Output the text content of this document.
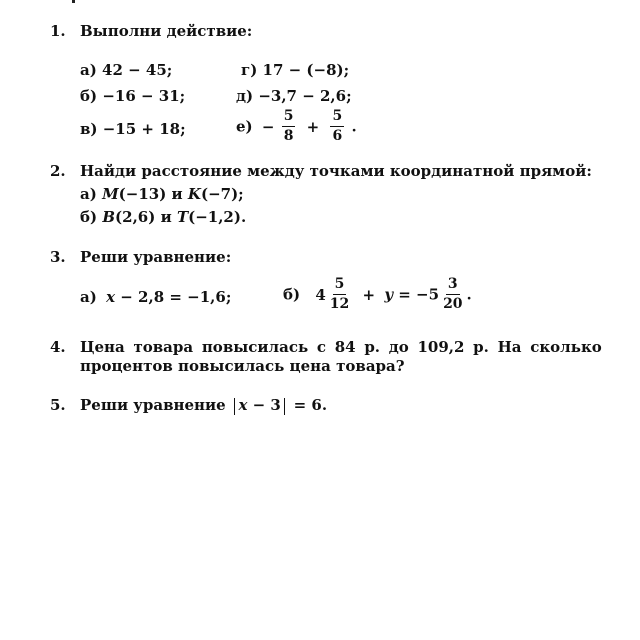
1. Выполни действие:
а) 42 − 45;	г) 17 − (−8);
б) −16 − 31;	д) −3,7 − 2,6;
в) −15 + 18;	$е) - \frac{5}{8} + \frac{5}{6}$ .
2. Найди расстояние между точками координатной прямой:
а) M(−13) и K(−7);
б) B(2,6) и T(−1,2).
3. Реши уравнение:
а) x − 2,8 = −1,6;	б) $4 \frac{5}{12} + y = -5 \frac{3}{20}$ .
4. Цена товара повысилась с 84 р. до 109,2 р. На сколько
процентов повысилась цена товара?
5. Реши уравнение x − 3 = 6.
